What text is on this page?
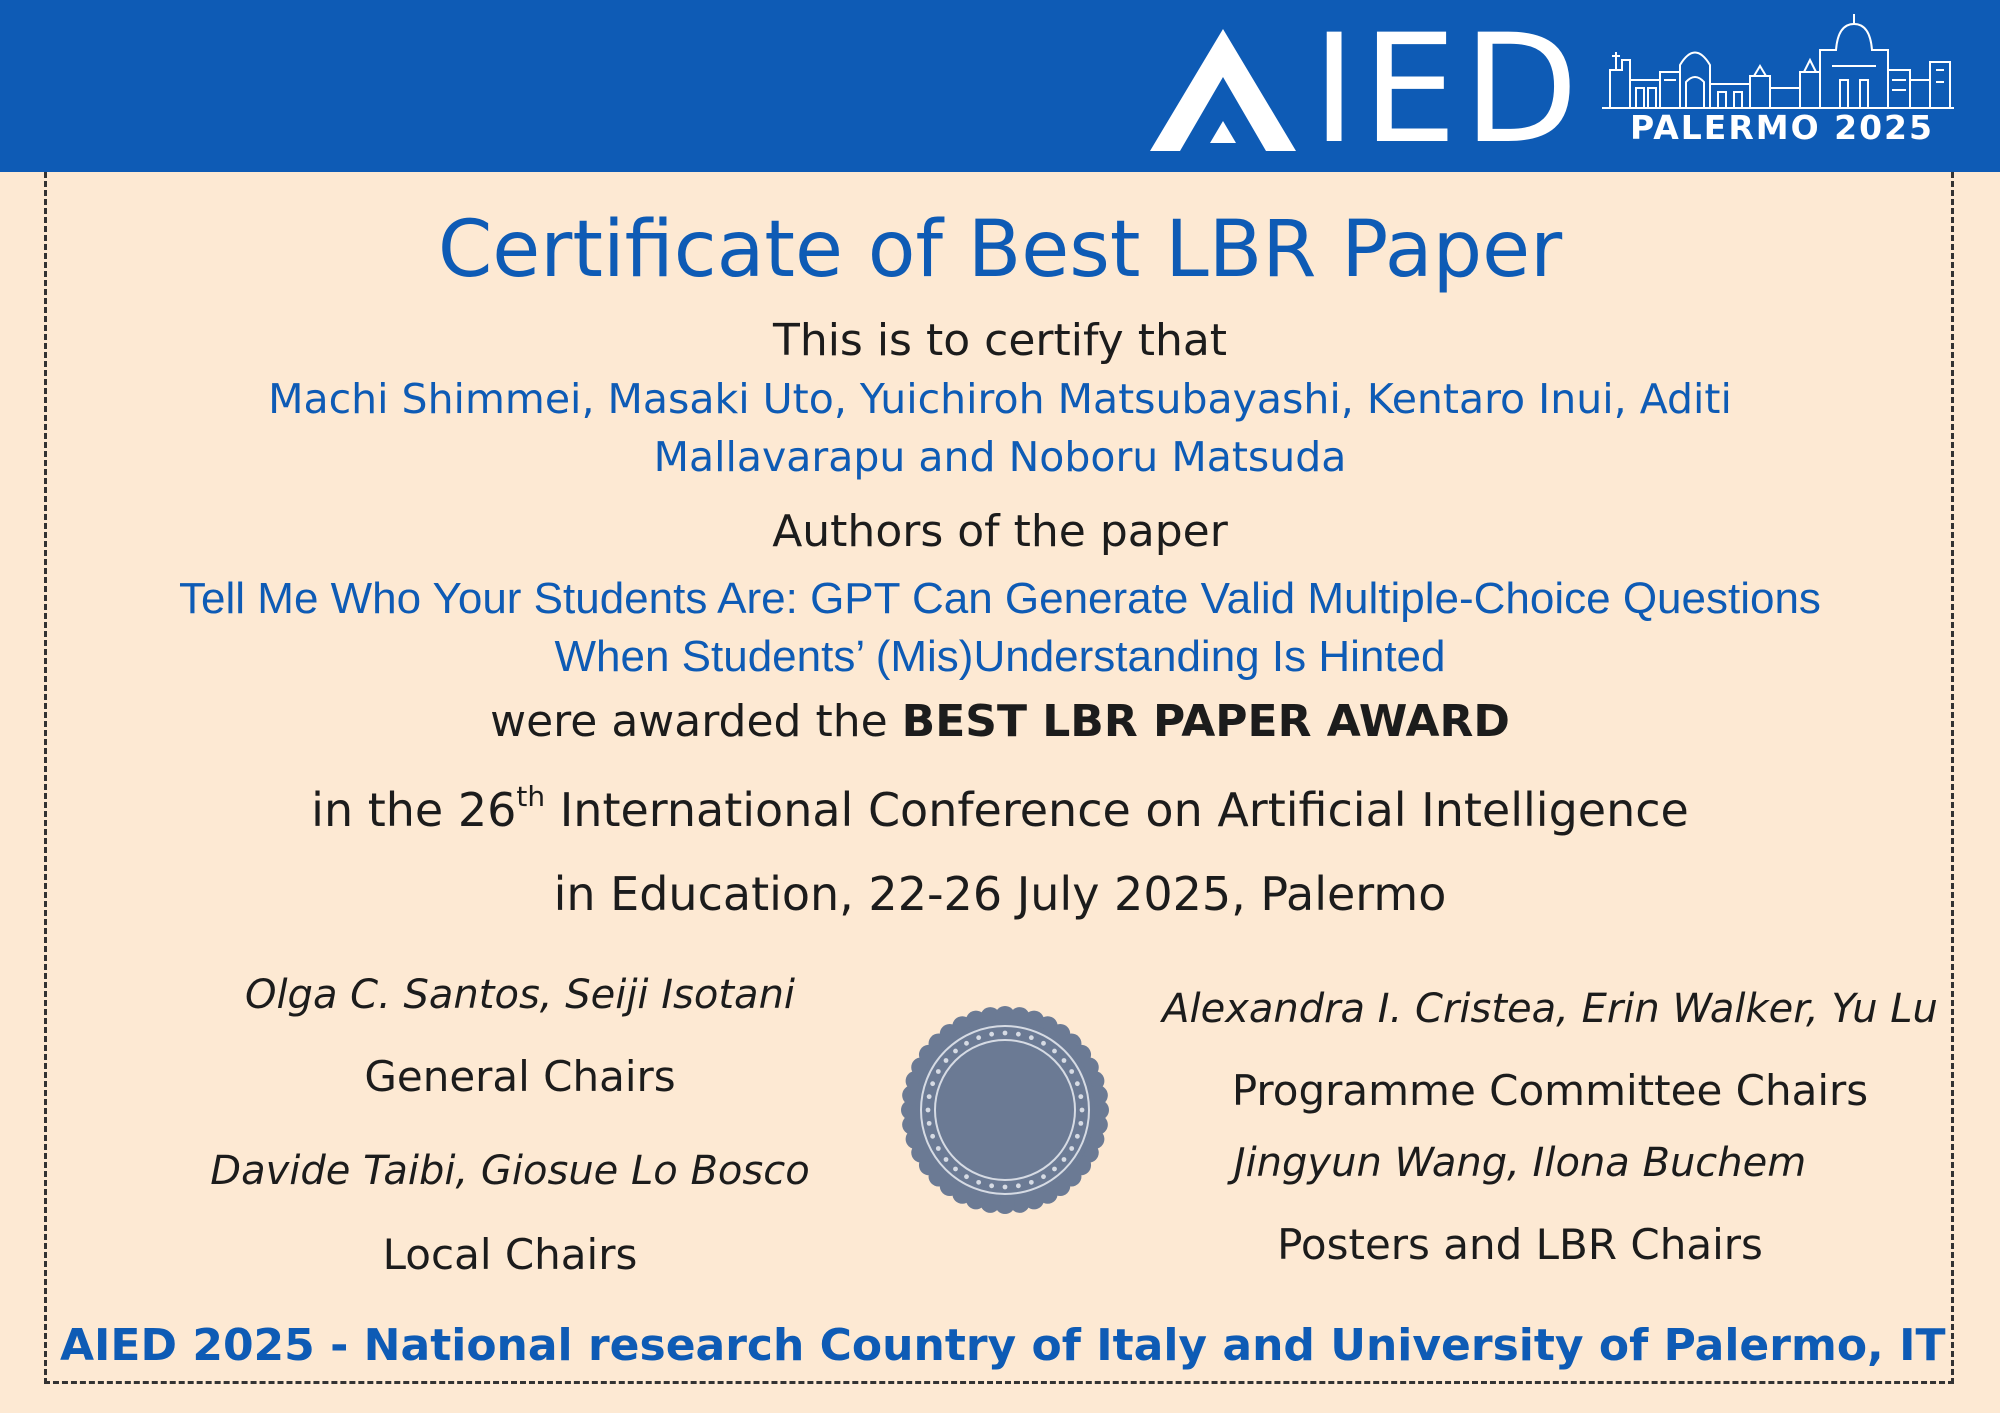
IED	PALERMO 2025
Certificate of Best LBR Paper
This is to certify that
Machi Shimmei, Masaki Uto, Yuichiroh Matsubayashi, Kentaro Inui, Aditi
Mallavarapu and Noboru Matsuda
Authors of the paper
Tell Me Who Your Students Are: GPT Can Generate Valid Multiple-Choice Questions
When Students’ (Mis)Understanding Is Hinted
were awarded the BEST LBR PAPER AWARD
in the 26th International Conference on Artificial Intelligence
in Education, 22-26 July 2025, Palermo
Olga C. Santos, Seiji Isotani
General Chairs
Davide Taibi, Giosue Lo Bosco
Local Chairs
Alexandra I. Cristea, Erin Walker, Yu Lu
Programme Committee Chairs
Jingyun Wang, Ilona Buchem
Posters and LBR Chairs
AIED 2025 - National research Country of Italy and University of Palermo, IT
